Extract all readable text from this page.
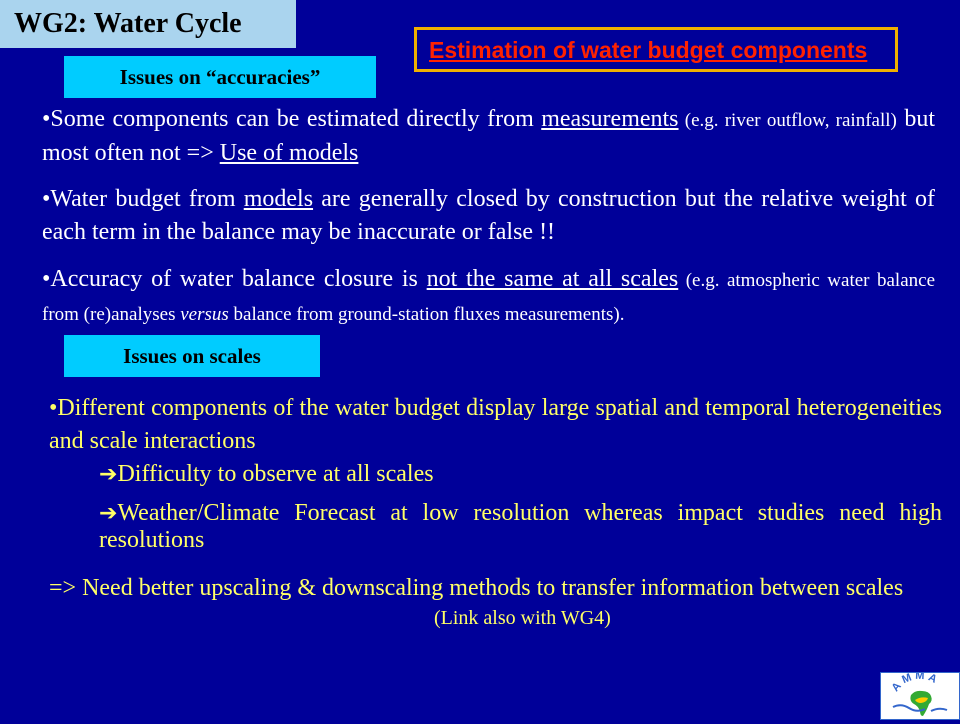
WG2: Water Cycle
Issues on “accuracies”
Estimation of water budget components
•Some components can be estimated directly from measurements (e.g. river outflow, rainfall) but most often not => Use of models
•Water budget from models are generally closed by construction but the relative weight of each term in the balance may be inaccurate or false !!
•Accuracy of water balance closure is not the same at all scales (e.g. atmospheric water balance from (re)analyses versus balance from ground-station fluxes measurements).
Issues on scales
•Different components of the water budget display large spatial and temporal heterogeneities and scale interactions
➔Difficulty to observe at all scales
➔Weather/Climate Forecast at low resolution whereas impact studies need high resolutions
=> Need better upscaling & downscaling methods to transfer information between scales
(Link also with WG4)
AMMA
